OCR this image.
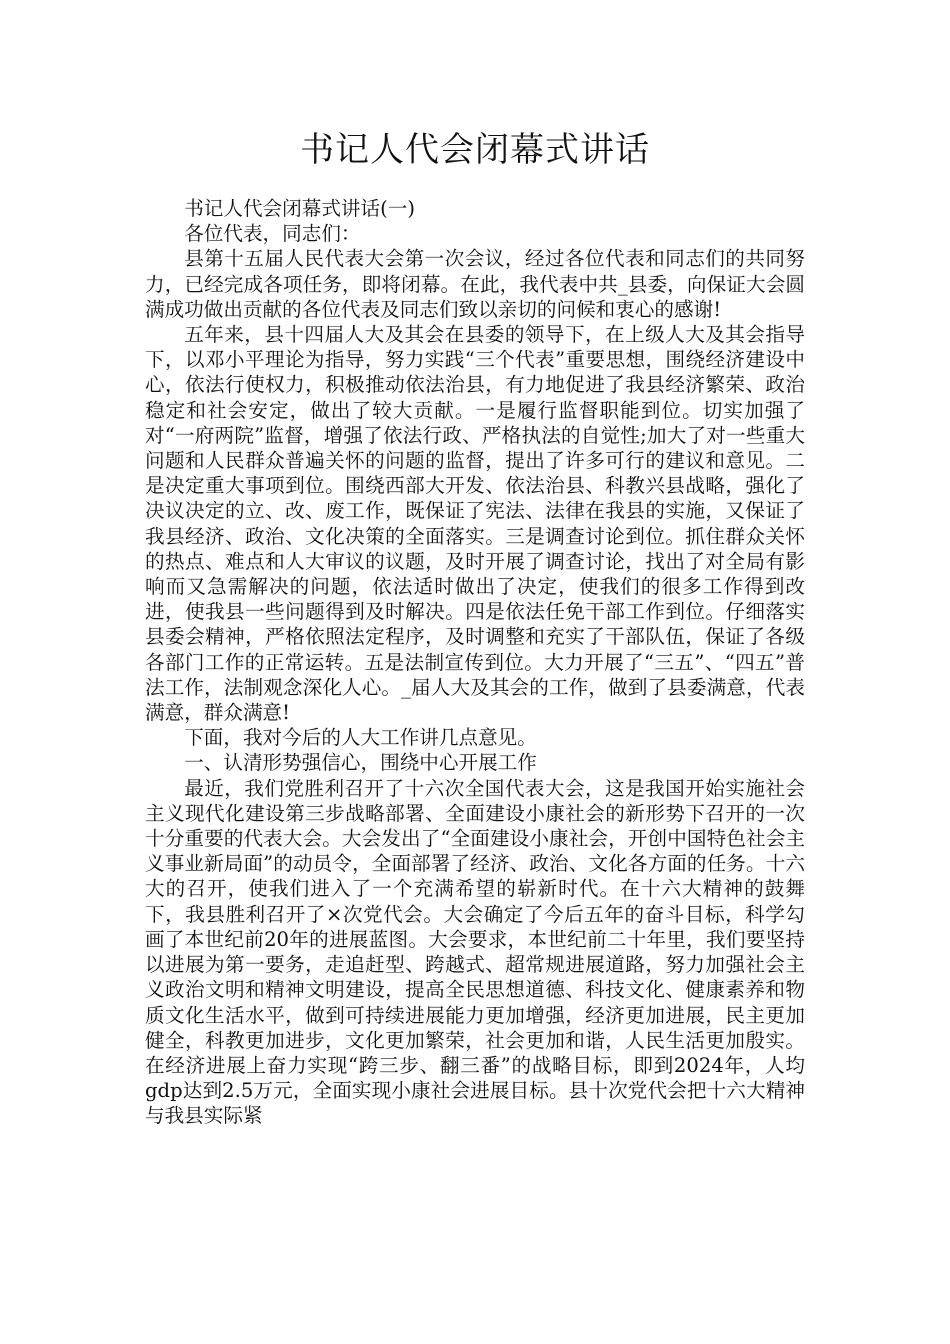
书记人代会闭幕式讲话

书记人代会闭幕式讲话(一)

各位代表，同志们：

县第十五届人民代表大会第一次会议，经过各位代表和同志们的共同努力，已经完成各项任务，即将闭幕。在此，我代表中共_县委，向保证大会圆满成功做出贡献的各位代表及同志们致以亲切的问候和衷心的感谢!

五年来，县十四届人大及其会在县委的领导下，在上级人大及其会指导下，以邓小平理论为指导，努力实践“三个代表”重要思想，围绕经济建设中心，依法行使权力，积极推动依法治县，有力地促进了我县经济繁荣、政治稳定和社会安定，做出了较大贡献。一是履行监督职能到位。切实加强了对“一府两院”监督，增强了依法行政、严格执法的自觉性;加大了对一些重大问题和人民群众普遍关怀的问题的监督，提出了许多可行的建议和意见。二是决定重大事项到位。围绕西部大开发、依法治县、科教兴县战略，强化了决议决定的立、改、废工作，既保证了宪法、法律在我县的实施，又保证了我县经济、政治、文化决策的全面落实。三是调查讨论到位。抓住群众关怀的热点、难点和人大审议的议题，及时开展了调查讨论，找出了对全局有影响而又急需解决的问题，依法适时做出了决定，使我们的很多工作得到改进，使我县一些问题得到及时解决。四是依法任免干部工作到位。仔细落实县委会精神，严格依照法定程序，及时调整和充实了干部队伍，保证了各级各部门工作的正常运转。五是法制宣传到位。大力开展了“三五”、“四五”普法工作，法制观念深化人心。_届人大及其会的工作，做到了县委满意，代表满意，群众满意!

下面，我对今后的人大工作讲几点意见。

一、认清形势强信心，围绕中心开展工作

最近，我们党胜利召开了十六次全国代表大会，这是我国开始实施社会主义现代化建设第三步战略部署、全面建设小康社会的新形势下召开的一次十分重要的代表大会。大会发出了“全面建设小康社会，开创中国特色社会主义事业新局面”的动员令，全面部署了经济、政治、文化各方面的任务。十六大的召开，使我们进入了一个充满希望的崭新时代。在十六大精神的鼓舞下，我县胜利召开了×次党代会。大会确定了今后五年的奋斗目标，科学勾画了本世纪前20年的进展蓝图。大会要求，本世纪前二十年里，我们要坚持以进展为第一要务，走追赶型、跨越式、超常规进展道路，努力加强社会主义政治文明和精神文明建设，提高全民思想道德、科技文化、健康素养和物质文化生活水平，做到可持续进展能力更加增强，经济更加进展，民主更加健全，科教更加进步，文化更加繁荣，社会更加和谐，人民生活更加殷实。在经济进展上奋力实现“跨三步、翻三番”的战略目标，即到2024年，人均gdp达到2.5万元，全面实现小康社会进展目标。县十次党代会把十六大精神与我县实际紧
